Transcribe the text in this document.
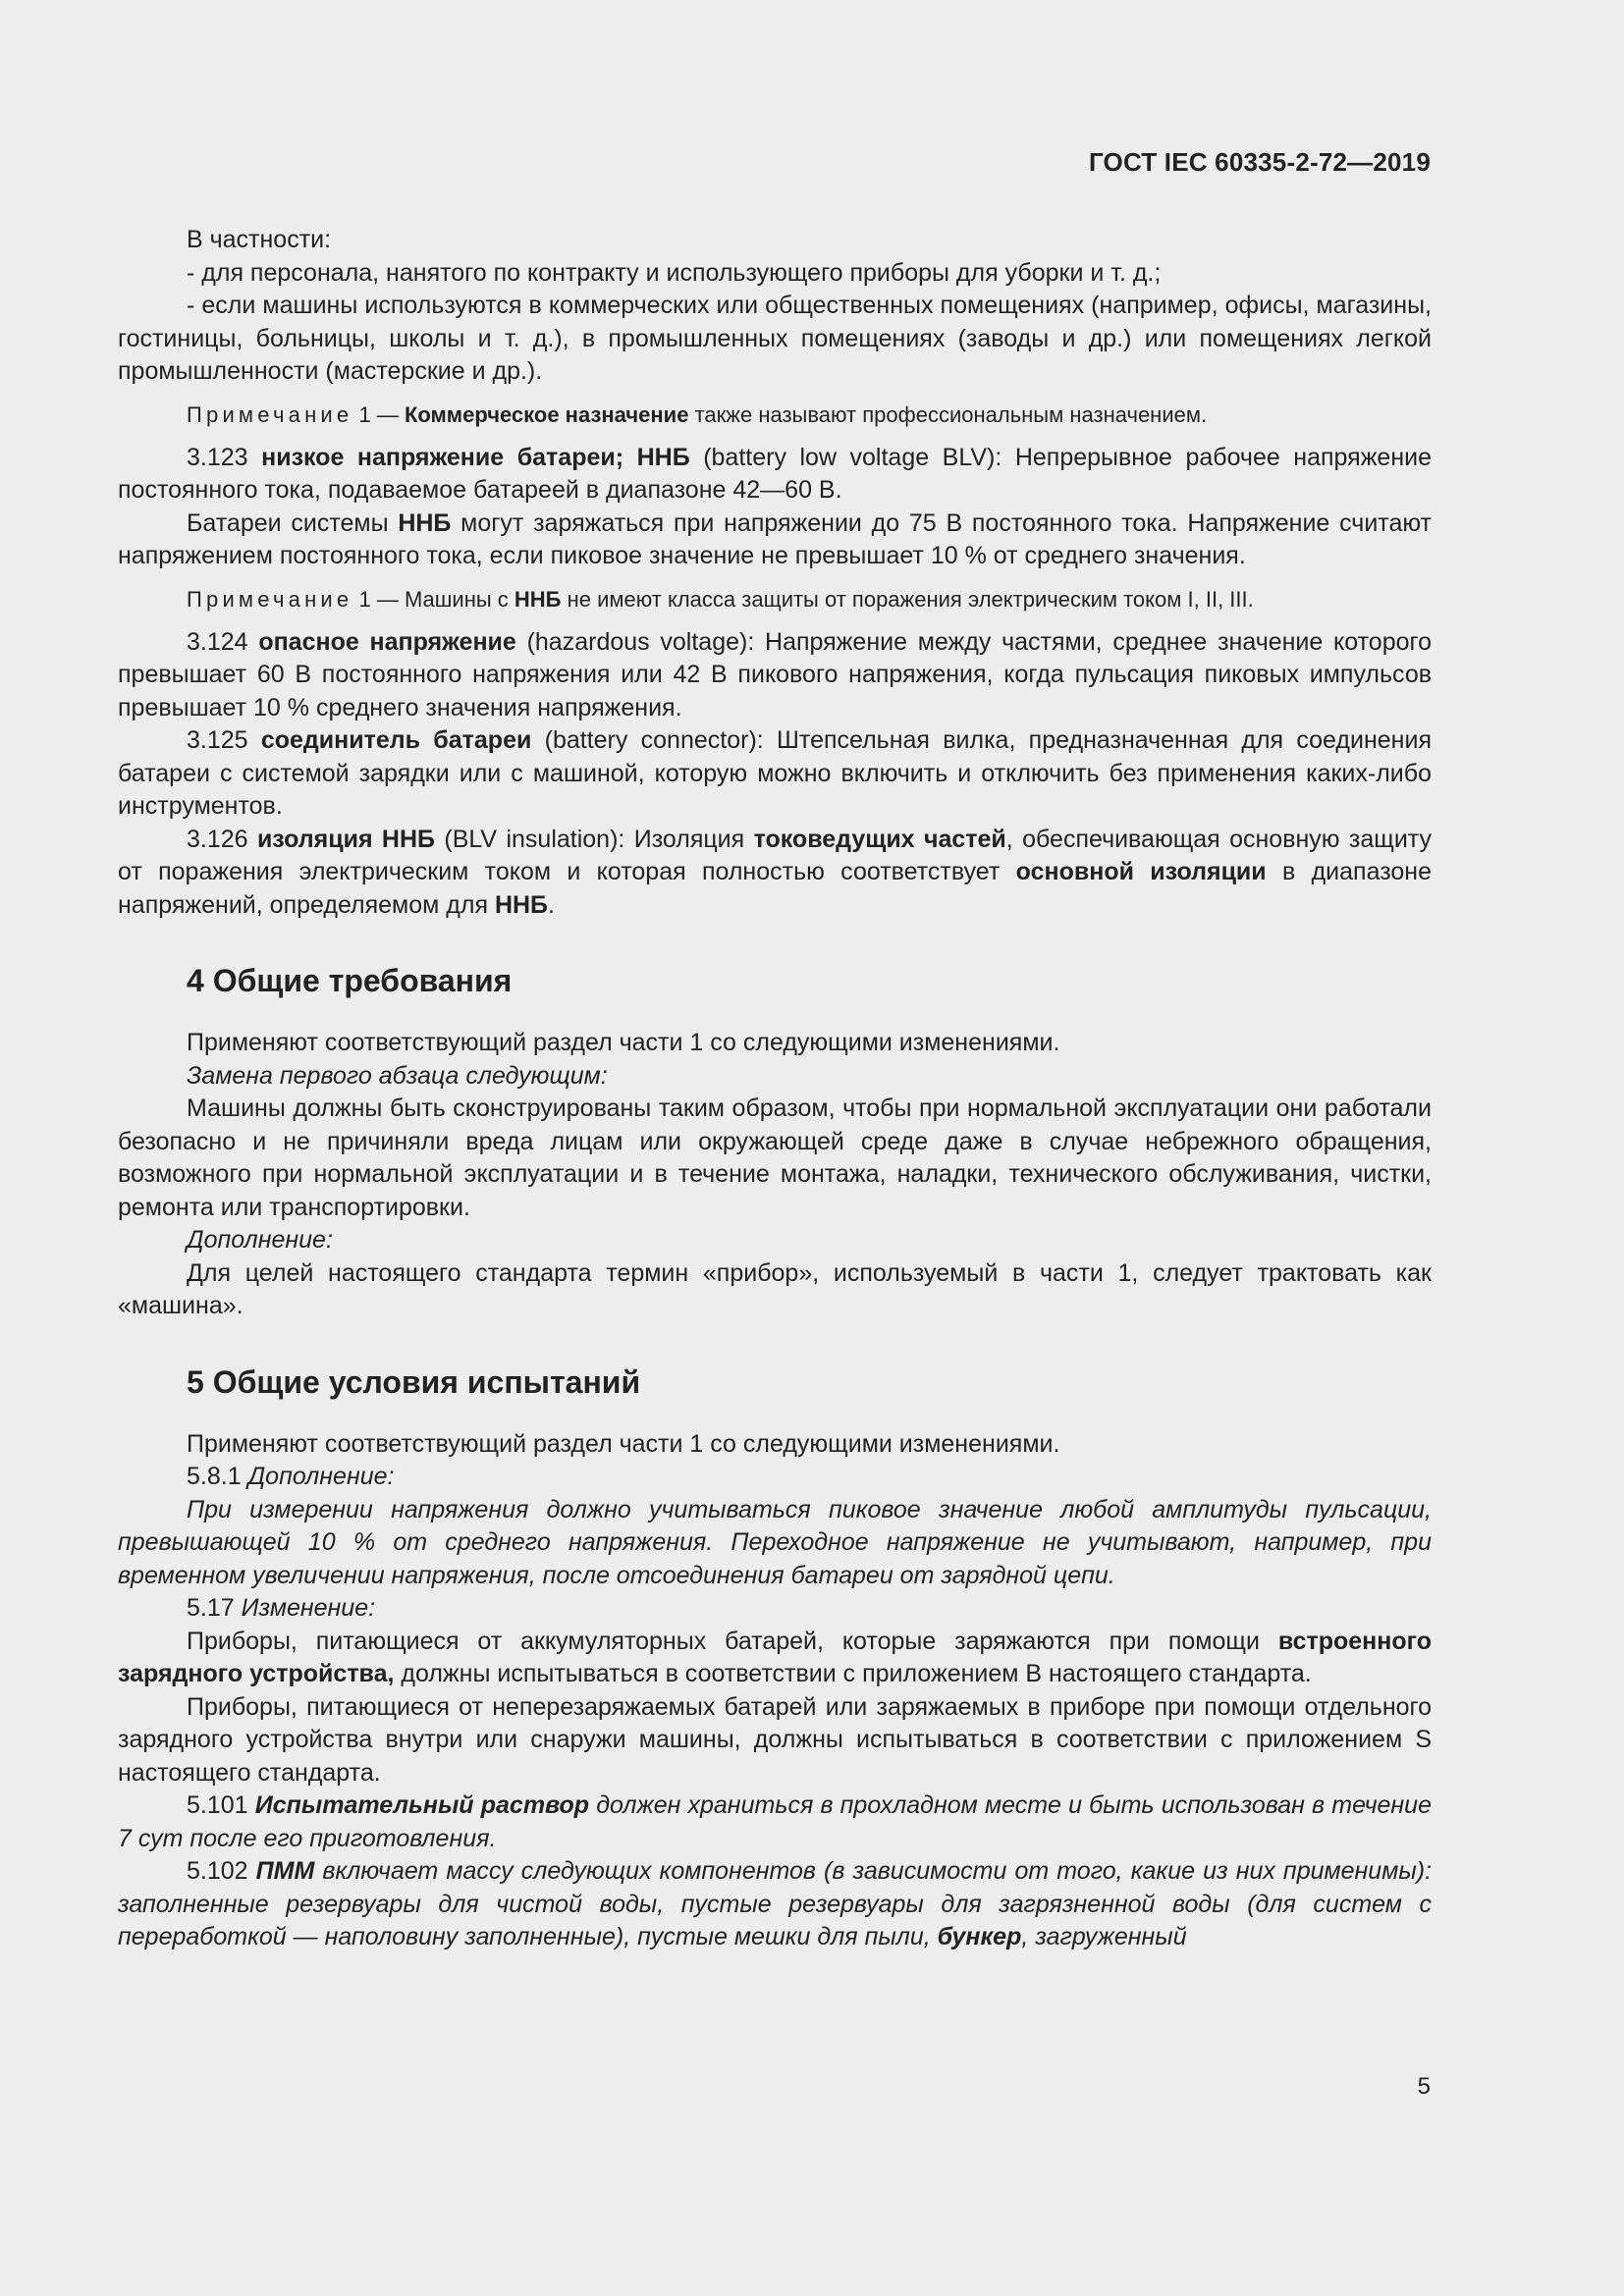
ГОСТ IEC 60335-2-72—2019

В частности:

- для персонала, нанятого по контракту и использующего приборы для уборки и т. д.;

- если машины используются в коммерческих или общественных помещениях (например, офисы, магазины, гостиницы, больницы, школы и т. д.), в промышленных помещениях (заводы и др.) или помещениях легкой промышленности (мастерские и др.).

Примечание 1 — Коммерческое назначение также называют профессиональным назначением.

3.123 низкое напряжение батареи; ННБ (battery low voltage BLV): Непрерывное рабочее напряжение постоянного тока, подаваемое батареей в диапазоне 42—60 В.

Батареи системы ННБ могут заряжаться при напряжении до 75 В постоянного тока. Напряжение считают напряжением постоянного тока, если пиковое значение не превышает 10 % от среднего значения.

Примечание 1 — Машины с ННБ не имеют класса защиты от поражения электрическим током I, II, III.

3.124 опасное напряжение (hazardous voltage): Напряжение между частями, среднее значение которого превышает 60 В постоянного напряжения или 42 В пикового напряжения, когда пульсация пиковых импульсов превышает 10 % среднего значения напряжения.

3.125 соединитель батареи (battery connector): Штепсельная вилка, предназначенная для соединения батареи с системой зарядки или с машиной, которую можно включить и отключить без применения каких-либо инструментов.

3.126 изоляция ННБ (BLV insulation): Изоляция токоведущих частей, обеспечивающая основную защиту от поражения электрическим током и которая полностью соответствует основной изоляции в диапазоне напряжений, определяемом для ННБ.

4 Общие требования

Применяют соответствующий раздел части 1 со следующими изменениями.

Замена первого абзаца следующим:

Машины должны быть сконструированы таким образом, чтобы при нормальной эксплуатации они работали безопасно и не причиняли вреда лицам или окружающей среде даже в случае небрежного обращения, возможного при нормальной эксплуатации и в течение монтажа, наладки, технического обслуживания, чистки, ремонта или транспортировки.

Дополнение:

Для целей настоящего стандарта термин «прибор», используемый в части 1, следует трактовать как «машина».

5 Общие условия испытаний

Применяют соответствующий раздел части 1 со следующими изменениями.

5.8.1 Дополнение:

При измерении напряжения должно учитываться пиковое значение любой амплитуды пульсации, превышающей 10 % от среднего напряжения. Переходное напряжение не учитывают, например, при временном увеличении напряжения, после отсоединения батареи от зарядной цепи.

5.17 Изменение:

Приборы, питающиеся от аккумуляторных батарей, которые заряжаются при помощи встроенного зарядного устройства, должны испытываться в соответствии с приложением B настоящего стандарта.

Приборы, питающиеся от неперезаряжаемых батарей или заряжаемых в приборе при помощи отдельного зарядного устройства внутри или снаружи машины, должны испытываться в соответствии с приложением S настоящего стандарта.

5.101 Испытательный раствор должен храниться в прохладном месте и быть использован в течение 7 сут после его приготовления.

5.102 ПММ включает массу следующих компонентов (в зависимости от того, какие из них применимы): заполненные резервуары для чистой воды, пустые резервуары для загрязненной воды (для систем с переработкой — наполовину заполненные), пустые мешки для пыли, бункер, загруженный

5
